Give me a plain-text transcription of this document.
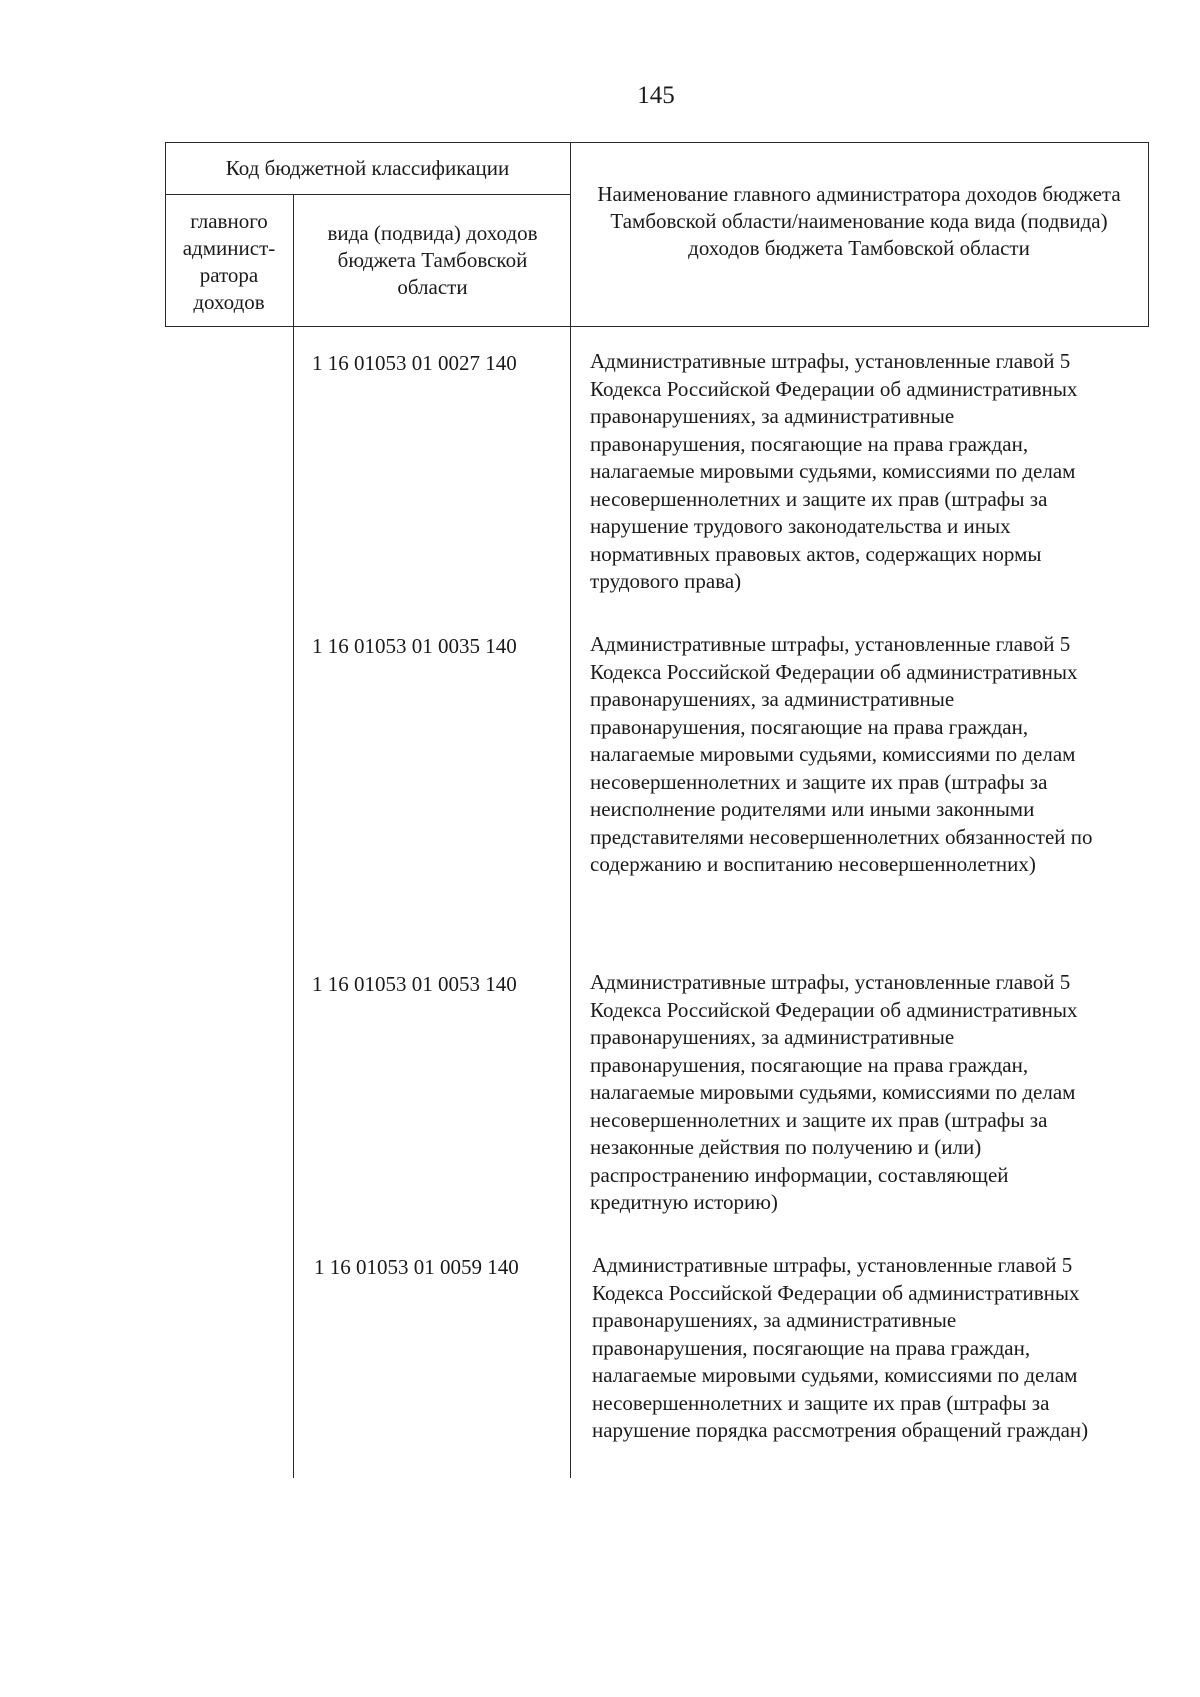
145
Код бюджетной классификации
главного админист-ратора доходов
вида (подвида) доходов бюджета Тамбовской области
Наименование главного администратора доходов бюджета Тамбовской области/наименование кода вида (подвида) доходов бюджета Тамбовской области
1 16 01053 01 0027 140	Административные штрафы, установленные главой 5 Кодекса Российской Федерации об административных правонарушениях, за административные правонарушения, посягающие на права граждан, налагаемые мировыми судьями, комиссиями по делам несовершеннолетних и защите их прав (штрафы за нарушение трудового законодательства и иных нормативных правовых актов, содержащих нормы трудового права)
1 16 01053 01 0035 140	Административные штрафы, установленные главой 5 Кодекса Российской Федерации об административных правонарушениях, за административные правонарушения, посягающие на права граждан, налагаемые мировыми судьями, комиссиями по делам несовершеннолетних и защите их прав (штрафы за неисполнение родителями или иными законными представителями несовершеннолетних обязанностей по содержанию и воспитанию несовершеннолетних)
1 16 01053 01 0053 140	Административные штрафы, установленные главой 5 Кодекса Российской Федерации об административных правонарушениях, за административные правонарушения, посягающие на права граждан, налагаемые мировыми судьями, комиссиями по делам несовершеннолетних и защите их прав (штрафы за незаконные действия по получению и (или) распространению информации, составляющей кредитную историю)
1 16 01053 01 0059 140	Административные штрафы, установленные главой 5 Кодекса Российской Федерации об административных правонарушениях, за административные правонарушения, посягающие на права граждан, налагаемые мировыми судьями, комиссиями по делам несовершеннолетних и защите их прав (штрафы за нарушение порядка рассмотрения обращений граждан)
